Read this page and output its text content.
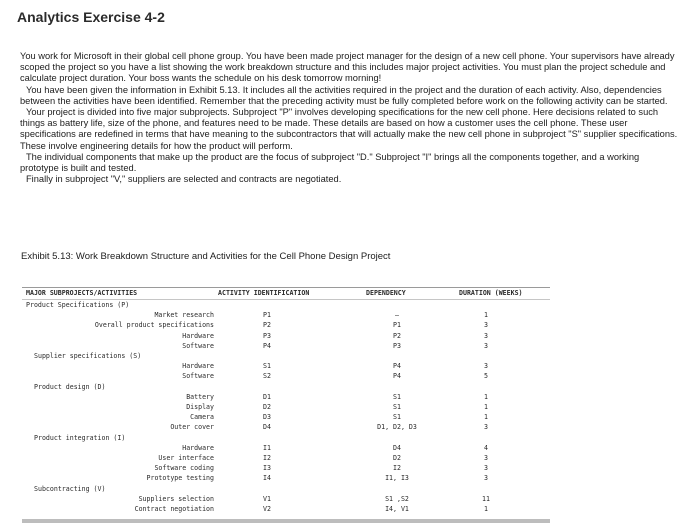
Analytics Exercise 4-2

You work for Microsoft in their global cell phone group. You have been made project manager for the design of a new cell phone. Your supervisors have already scoped the project so you have a list showing the work breakdown structure and this includes major project activities. You must plan the project schedule and calculate project duration. Your boss wants the schedule on his desk tomorrow morning!

You have been given the information in Exhibit 5.13. It includes all the activities required in the project and the duration of each activity. Also, dependencies between the activities have been identified. Remember that the preceding activity must be fully completed before work on the following activity can be started.

Your project is divided into five major subprojects. Subproject "P" involves developing specifications for the new cell phone. Here decisions related to such things as battery life, size of the phone, and features need to be made. These details are based on how a customer uses the cell phone. These user specifications are redefined in terms that have meaning to the subcontractors that will actually make the new cell phone in subproject "S" supplier specifications. These involve engineering details for how the product will perform.

The individual components that make up the product are the focus of subproject "D." Subproject "I" brings all the components together, and a working prototype is built and tested.

Finally in subproject "V," suppliers are selected and contracts are negotiated.

Exhibit 5.13: Work Breakdown Structure and Activities for the Cell Phone Design Project
MAJOR SUBPROJECTS/ACTIVITIES	ACTIVITY IDENTIFICATION	DEPENDENCY	DURATION (WEEKS)
Product Specifications (P)
Market research	P1	—	1
Overall product specifications	P2	P1	3
Hardware	P3	P2	3
Software	P4	P3	3
Supplier specifications (S)
Hardware	S1	P4	3
Software	S2	P4	5
Product design (D)
Battery	D1	S1	1
Display	D2	S1	1
Camera	D3	S1	1
Outer cover	D4	D1, D2, D3	3
Product integration (I)
Hardware	I1	D4	4
User interface	I2	D2	3
Software coding	I3	I2	3
Prototype testing	I4	I1, I3	3
Subcontracting (V)
Suppliers selection	V1	S1 ,S2	11
Contract negotiation	V2	I4, V1	1
